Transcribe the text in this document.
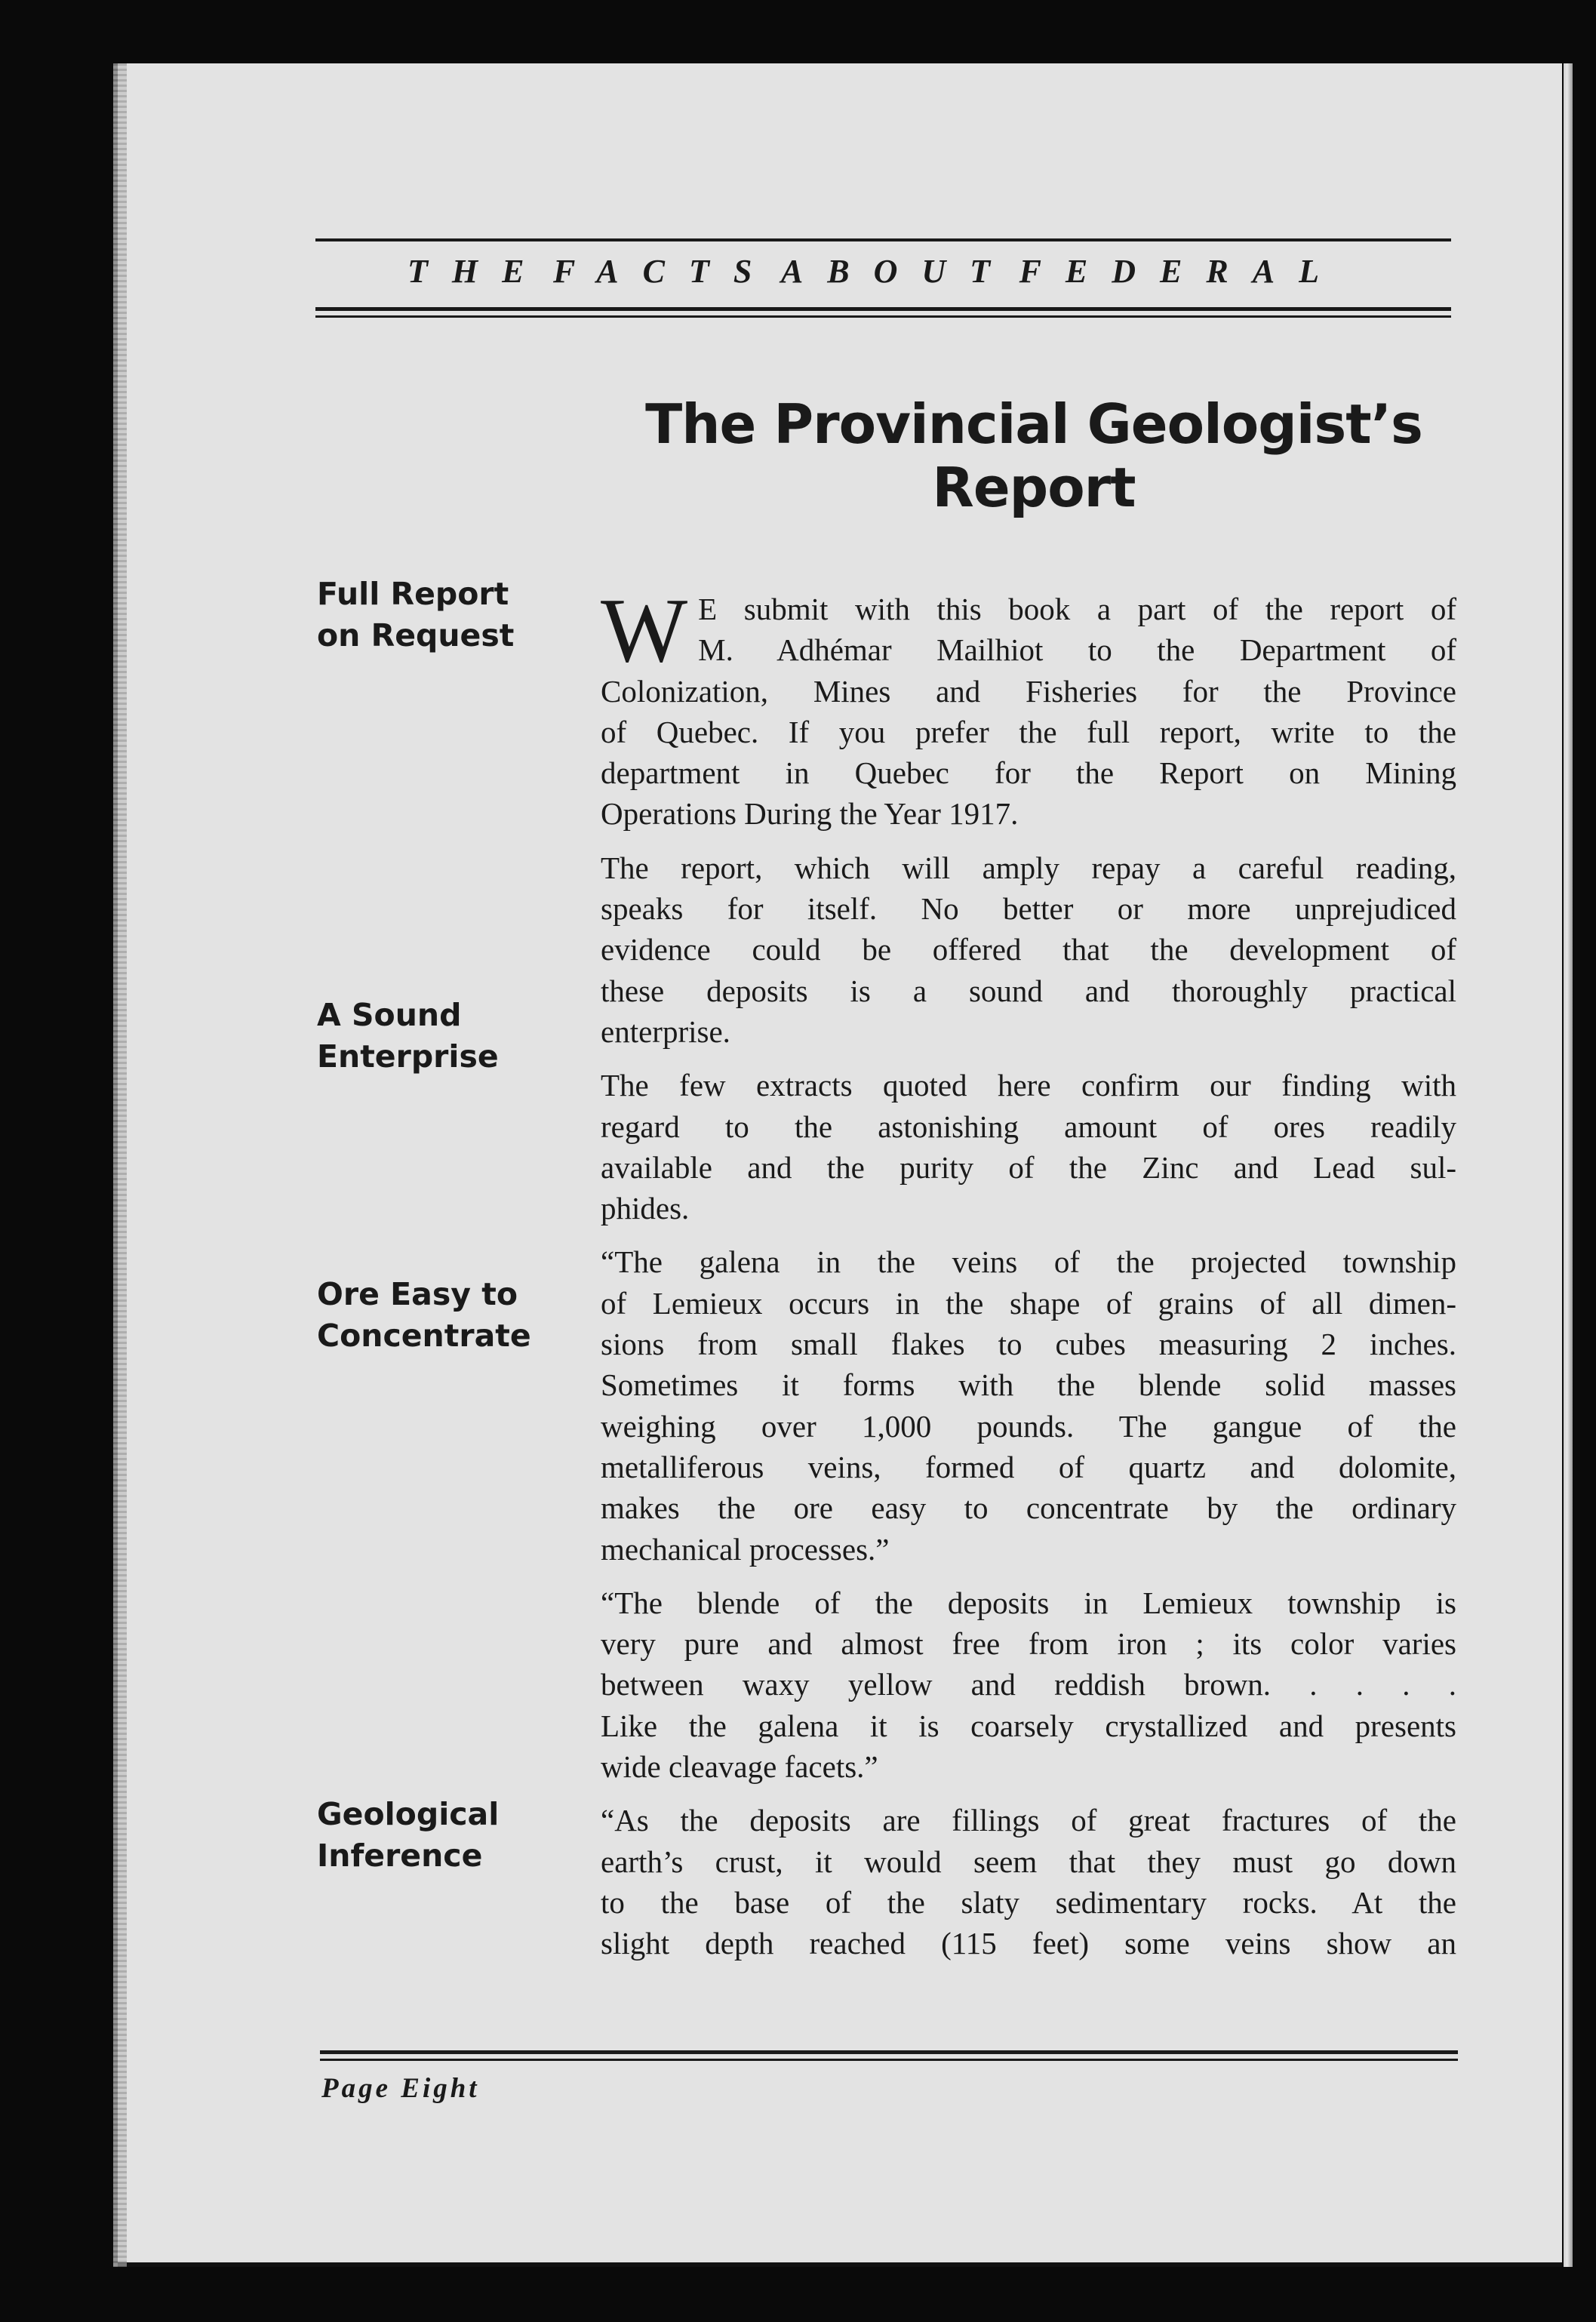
THE FACTS ABOUT FEDERAL
The Provincial Geologist’s
Report
Full Report
on Request
A Sound
Enterprise
Ore Easy to
Concentrate
Geological
Inference
W E submit with this book a part of the report of
M. Adhémar Mailhiot to the Department of
Colonization, Mines and Fisheries for the Province
of Quebec. If you prefer the full report, write to the
department in Quebec for the Report on Mining
Operations During the Year 1917.
The report, which will amply repay a careful reading,
speaks for itself. No better or more unprejudiced
evidence could be offered that the development of
these deposits is a sound and thoroughly practical
enterprise.
The few extracts quoted here confirm our finding with
regard to the astonishing amount of ores readily
available and the purity of the Zinc and Lead sul-
phides.
“The galena in the veins of the projected township
of Lemieux occurs in the shape of grains of all dimen-
sions from small flakes to cubes measuring 2 inches.
Sometimes it forms with the blende solid masses
weighing over 1,000 pounds. The gangue of the
metalliferous veins, formed of quartz and dolomite,
makes the ore easy to concentrate by the ordinary
mechanical processes.”
“The blende of the deposits in Lemieux township is
very pure and almost free from iron ; its color varies
between waxy yellow and reddish brown. . . . .
Like the galena it is coarsely crystallized and presents
wide cleavage facets.”
“As the deposits are fillings of great fractures of the
earth’s crust, it would seem that they must go down
to the base of the slaty sedimentary rocks. At the
slight depth reached (115 feet) some veins show an
Page Eight
